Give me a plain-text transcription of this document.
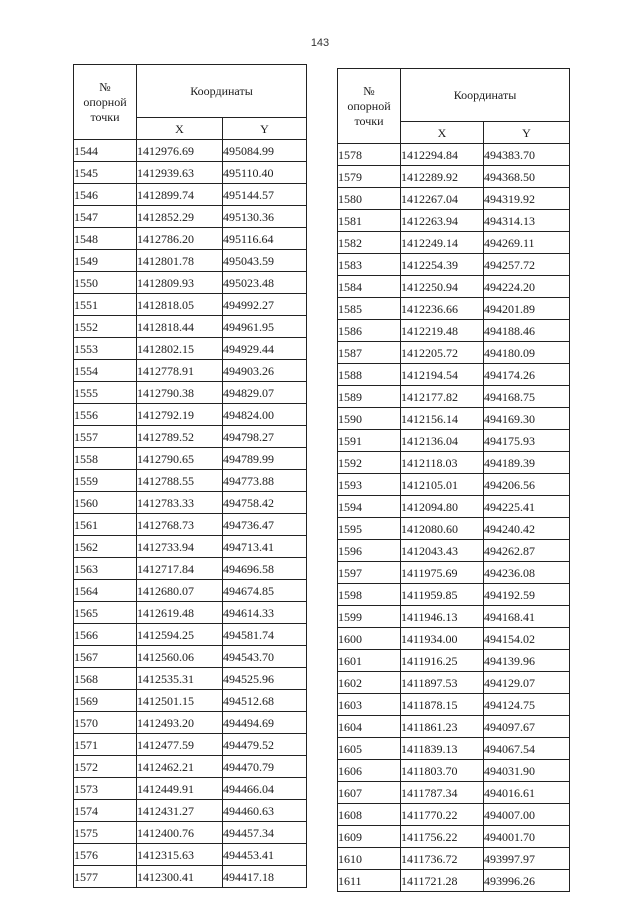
143
№
опорной
точки	Координаты	
	X	Y
1544	1412976.69	495084.99
1545	1412939.63	495110.40
1546	1412899.74	495144.57
1547	1412852.29	495130.36
1548	1412786.20	495116.64
1549	1412801.78	495043.59
1550	1412809.93	495023.48
1551	1412818.05	494992.27
1552	1412818.44	494961.95
1553	1412802.15	494929.44
1554	1412778.91	494903.26
1555	1412790.38	494829.07
1556	1412792.19	494824.00
1557	1412789.52	494798.27
1558	1412790.65	494789.99
1559	1412788.55	494773.88
1560	1412783.33	494758.42
1561	1412768.73	494736.47
1562	1412733.94	494713.41
1563	1412717.84	494696.58
1564	1412680.07	494674.85
1565	1412619.48	494614.33
1566	1412594.25	494581.74
1567	1412560.06	494543.70
1568	1412535.31	494525.96
1569	1412501.15	494512.68
1570	1412493.20	494494.69
1571	1412477.59	494479.52
1572	1412462.21	494470.79
1573	1412449.91	494466.04
1574	1412431.27	494460.63
1575	1412400.76	494457.34
1576	1412315.63	494453.41
1577	1412300.41	494417.18
№
опорной
точки	Координаты	
	X	Y
1578	1412294.84	494383.70
1579	1412289.92	494368.50
1580	1412267.04	494319.92
1581	1412263.94	494314.13
1582	1412249.14	494269.11
1583	1412254.39	494257.72
1584	1412250.94	494224.20
1585	1412236.66	494201.89
1586	1412219.48	494188.46
1587	1412205.72	494180.09
1588	1412194.54	494174.26
1589	1412177.82	494168.75
1590	1412156.14	494169.30
1591	1412136.04	494175.93
1592	1412118.03	494189.39
1593	1412105.01	494206.56
1594	1412094.80	494225.41
1595	1412080.60	494240.42
1596	1412043.43	494262.87
1597	1411975.69	494236.08
1598	1411959.85	494192.59
1599	1411946.13	494168.41
1600	1411934.00	494154.02
1601	1411916.25	494139.96
1602	1411897.53	494129.07
1603	1411878.15	494124.75
1604	1411861.23	494097.67
1605	1411839.13	494067.54
1606	1411803.70	494031.90
1607	1411787.34	494016.61
1608	1411770.22	494007.00
1609	1411756.22	494001.70
1610	1411736.72	493997.97
1611	1411721.28	493996.26
